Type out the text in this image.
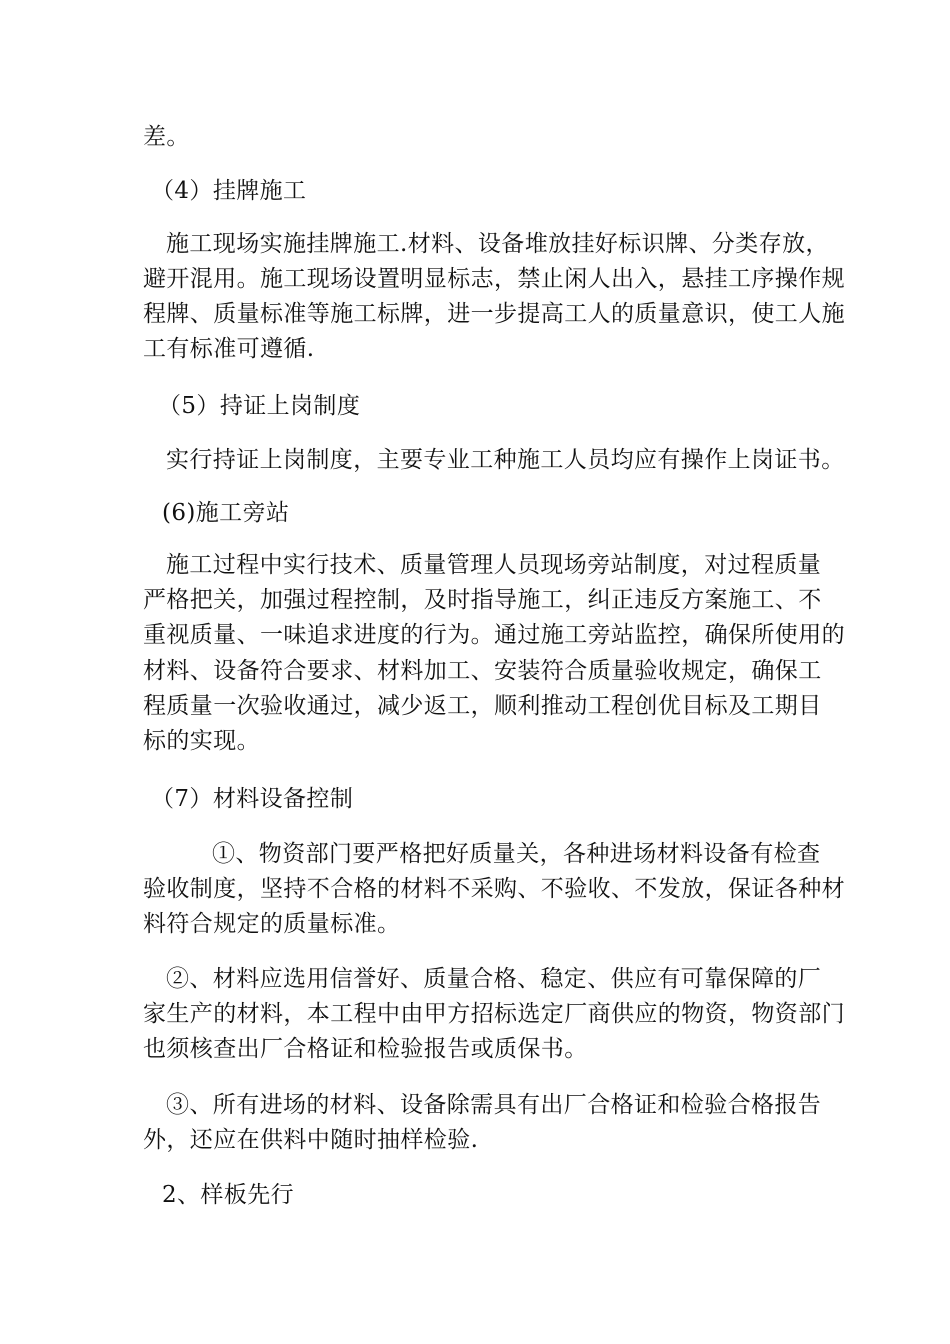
差。
（4）挂牌施工
施工现场实施挂牌施工.材料、设备堆放挂好标识牌、分类存放，
避开混用。施工现场设置明显标志，禁止闲人出入，悬挂工序操作规
程牌、质量标准等施工标牌，进一步提高工人的质量意识，使工人施
工有标准可遵循.
（5）持证上岗制度
实行持证上岗制度，主要专业工种施工人员均应有操作上岗证书。
(6)施工旁站
施工过程中实行技术、质量管理人员现场旁站制度，对过程质量
严格把关，加强过程控制，及时指导施工，纠正违反方案施工、不
重视质量、一味追求进度的行为。通过施工旁站监控，确保所使用的
材料、设备符合要求、材料加工、安装符合质量验收规定，确保工
程质量一次验收通过，减少返工，顺利推动工程创优目标及工期目
标的实现。
（7）材料设备控制
①、物资部门要严格把好质量关，各种进场材料设备有检查
验收制度，坚持不合格的材料不采购、不验收、不发放，保证各种材
料符合规定的质量标准。
②、材料应选用信誉好、质量合格、稳定、供应有可靠保障的厂
家生产的材料，本工程中由甲方招标选定厂商供应的物资，物资部门
也须核查出厂合格证和检验报告或质保书。
③、所有进场的材料、设备除需具有出厂合格证和检验合格报告
外，还应在供料中随时抽样检验.
2、样板先行
